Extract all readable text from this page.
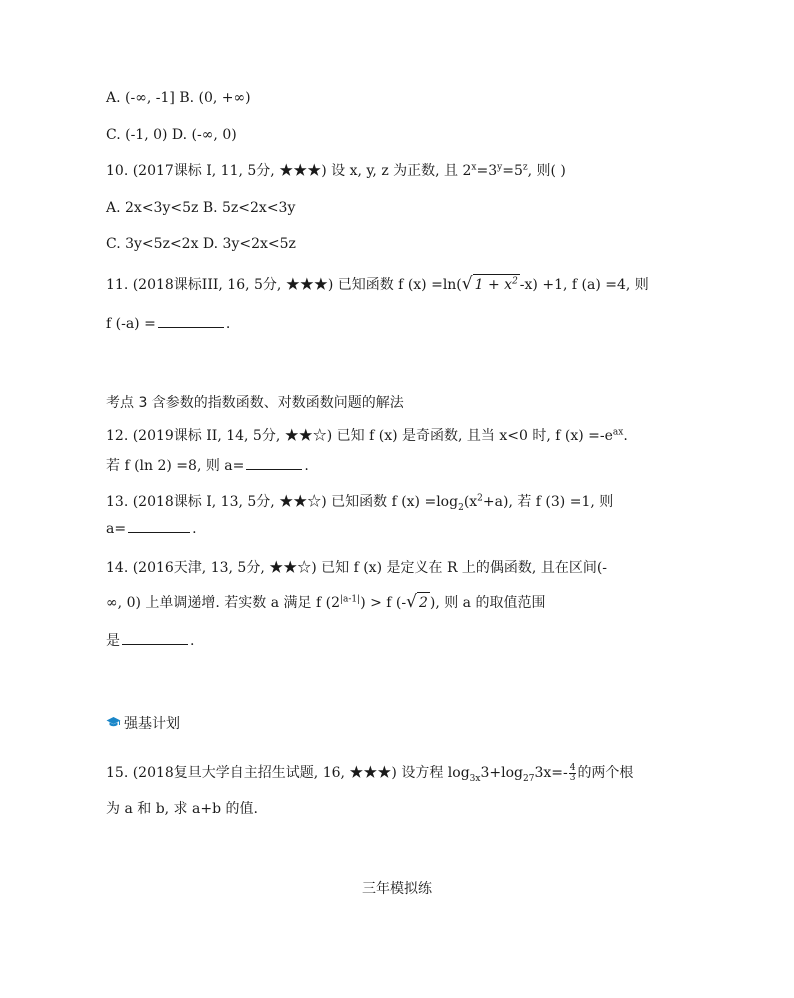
A. (-∞, -1] B. (0, +∞)
C. (-1, 0) D. (-∞, 0)
10. (2017课标 I, 11, 5分, ★★★) 设 x, y, z 为正数, 且 $2^x=3^y=5^z$, 则( )
A. 2x<3y<5z B. 5z<2x<3y
C. 3y<5z<2x D. 3y<2x<5z
11. (2018课标III, 16, 5分, ★★★) 已知函数 f (x) =ln(√ $1 + x^2$ -x) +1, f (a) =4, 则
f (-a) =	.
考点 3 含参数的指数函数、对数函数问题的解法
12. (2019课标 II, 14, 5分, ★★☆) 已知 f (x) 是奇函数, 且当 x<0 时, f $(x) =-e^{ax}$.
若 f (ln 2) =8, 则 a=	.
13. (2018课标 I, 13, 5分, ★★☆) 已知函数 f $(x) =\log_2(x^2+a)$, 若 f (3) =1, 则
a=	.
14. (2016天津, 13, 5分, ★★☆) 已知 f (x) 是定义在 R 上的偶函数, 且在区间(-
∞, 0) 上单调递增. 若实数 a 满足 f $(2^{|a-1|}) > f$ (-√ 2 ), 则 a 的取值范围
是	.
强基计划
15. (2018复旦大学自主招生试题, 16, ★★★) 设方程 $\log_{3x}3+\log_{27}3x=- \frac{4}{3}$ 的两个根
为 a 和 b, 求 a+b 的值.
三年模拟练
